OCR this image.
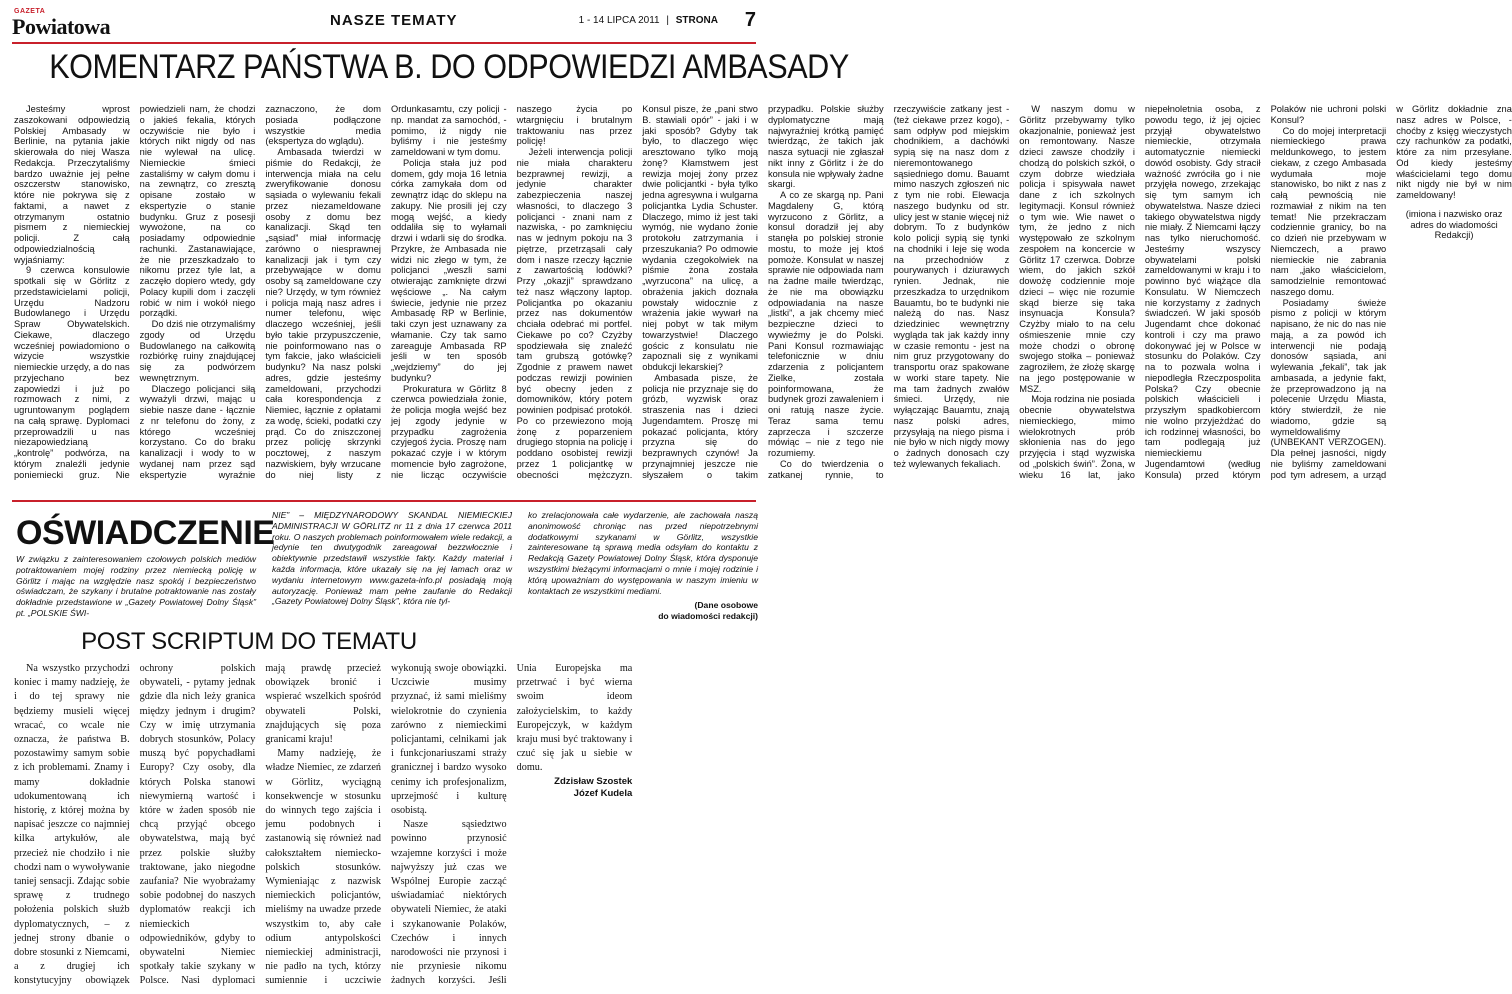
GAZETA
Powiatowa	NASZE TEMATY	1 - 14 LIPCA 2011 | STRONA 7
KOMENTARZ PAŃSTWA B. DO ODPOWIEDZI AMBASADY

Jesteśmy wprost zaszokowani odpowiedzią Polskiej Ambasady w Berlinie, na pytania jakie skierowała do niej Wasza Redakcja. Przeczytaliśmy bardzo uważnie jej pełne oszczerstw stanowisko, które nie pokrywa się z faktami, a nawet z otrzymanym ostatnio pismem z niemieckiej policji. Z całą odpowiedzialnością wyjaśniamy:

9 czerwca konsulowie spotkali się w Görlitz z przedstawicielami policji, Urzędu Nadzoru Budowlanego i Urzędu Spraw Obywatelskich. Ciekawe, dlaczego wcześniej powiadomiono o wizycie wszystkie niemieckie urzędy, a do nas przyjechano bez zapowiedzi i już po rozmowach z nimi, z ugruntowanym poglądem na całą sprawę. Dyplomaci przeprowadzili u nas niezapowiedzianą „kontrolę” podwórza, na którym znaleźli jedynie poniemiecki gruz. Nie powiedzieli nam, że chodzi o jakieś fekalia, których oczywiście nie było i których nikt nigdy od nas nie wylewał na ulicę. Niemieckie śmieci zastaliśmy w całym domu i na zewnątrz, co zresztą opisane zostało w ekspertyzie o stanie budynku. Gruz z posesji wywożone, na co posiadamy odpowiednie rachunki. Zastanawiające, że nie przeszkadzało to nikomu przez tyle lat, a zaczęło dopiero wtedy, gdy Polacy kupili dom i zaczęli robić w nim i wokół niego porządki.

Do dziś nie otrzymaliśmy zgody od Urzędu Budowlanego na całkowitą rozbiórkę ruiny znajdującej się za podwórzem wewnętrznym.

Dlaczego policjanci siłą wyważyli drzwi, mając u siebie nasze dane - łącznie z nr telefonu do żony, z którego wcześniej korzystano. Co do braku kanalizacji i wody to w wydanej nam przez sąd ekspertyzie wyraźnie zaznaczono, że dom posiada podłączone wszystkie media (ekspertyza do wglądu).

Ambasada twierdzi w piśmie do Redakcji, że interwencja miała na celu zweryfikowanie donosu sąsiada o wylewaniu fekali przez niezameldowane osoby z domu bez kanalizacji. Skąd ten „sąsiad” miał informację zarówno o niesprawnej kanalizacji jak i tym czy przebywające w domu osoby są zameldowane czy nie? Urzędy, w tym również i policja mają nasz adres i numer telefonu, więc dlaczego wcześniej, jeśli było takie przypuszczenie, nie poinformowano nas o tym fakcie, jako właścicieli budynku? Na nasz polski adres, gdzie jesteśmy zameldowani, przychodzi cała korespondencja z Niemiec, łącznie z opłatami za wodę, ścieki, podatki czy prąd. Co do zniszczonej przez policję skrzynki pocztowej, z naszym nazwiskiem, były wrzucane do niej listy z Ordunkasamtu, czy policji - np. mandat za samochód, - pomimo, iż nigdy nie byliśmy i nie jesteśmy zameldowani w tym domu.

Policja stała już pod domem, gdy moja 16 letnia córka zamykała dom od zewnątrz idąc do sklepu na zakupy. Nie prosili jej czy mogą wejść, a kiedy oddaliła się to wyłamali drzwi i wdarli się do środka. Przykre, że Ambasada nie widzi nic złego w tym, że policjanci „weszli sami otwierając zamknięte drzwi węściowe „. Na całym świecie, jedynie nie przez Ambasadę RP w Berlinie, taki czyn jest uznawany za włamanie. Czy tak samo zareaguje Ambasada RP jeśli w ten sposób „wejdziemy” do jej budynku?

Prokuratura w Görlitz 8 czerwca powiedziała żonie, że policja mogła wejść bez jej zgody jedynie w przypadku zagrożenia czyjegoś życia. Proszę nam pokazać czyje i w którym momencie było zagrożone, nie licząc oczywiście naszego życia po wtargnięciu i brutalnym traktowaniu nas przez policję!

Jeżeli interwencja policji nie miała charakteru bezprawnej rewizji, a jedynie charakter zabezpieczenia naszej własności, to dlaczego 3 policjanci - znani nam z nazwiska, - po zamknięciu nas w jednym pokoju na 3 piętrze, przetrząsali cały dom i nasze rzeczy łącznie z zawartością lodówki? Przy „okazji” sprawdzano też nasz włączony laptop. Policjantka po okazaniu przez nas dokumentów chciała odebrać mi portfel. Ciekawe po co? Czyżby spodziewała się znaleźć tam grubszą gotówkę? Zgodnie z prawem nawet podczas rewizji powinien być obecny jeden z domowników, który potem powinien podpisać protokół. Po co przewiezono moją żonę z poparzeniem drugiego stopnia na policję i poddano osobistej rewizji przez 1 policjantkę w obecności mężczyzn. Konsul pisze, że „pani stwo B. stawiali opór” - jaki i w jaki sposób? Gdyby tak było, to dlaczego więc aresztowano tylko moją żonę? Kłamstwem jest rewizja mojej żony przez dwie policjantki - była tylko jedna agresywna i wulgarna policjantka Lydia Schuster. Dlaczego, mimo iż jest taki wymóg, nie wydano żonie protokołu zatrzymania i przeszukania? Po odmowie wydania czegokolwiek na piśmie żona została „wyrzucona” na ulicę, a obrażenia jakich doznała powstały widocznie z wrażenia jakie wywarł na niej pobyt w tak miłym towarzystwie! Dlaczego gościc z konsulatu nie zapoznali się z wynikami obdukcji lekarskiej?

Ambasada pisze, że policja nie przyznaje się do grózb, wyzwisk oraz straszenia nas i dzieci Jugendamtem. Proszę mi pokazać policjanta, który przyzna się do bezprawnych czynów! Ja przynajmniej jeszcze nie słyszałem o takim przypadku. Polskie służby dyplomatyczne mają najwyraźniej krótką pamięć twierdząc, że takich jak nasza sytuacji nie zgłaszał nikt inny z Görlitz i że do konsula nie wpływały żadne skargi.

A co ze skargą np. Pani Magdaleny G, którą wyrzucono z Görlitz, a konsul doradził jej aby stanęła po polskiej stronie mostu, to może jej ktoś pomoże. Konsulat w naszej sprawie nie odpowiada nam na żadne maile twierdząc, że nie ma obowiązku odpowiadania na nasze „listki”, a jak chcemy mieć bezpieczne dzieci to wywieźmy je do Polski. Pani Konsul rozmawiając telefonicznie w dniu zdarzenia z policjantem Zielke, została poinformowana, że budynek grozi zawaleniem i oni ratują nasze życie. Teraz sama temu zaprzecza i szczerze mówiąc – nie z tego nie rozumiemy.

Co do twierdzenia o zatkanej rynnie, to rzeczywiście zatkany jest - (też ciekawe przez kogo), - sam odpływ pod miejskim chodnikiem, a dachówki sypią się na nasz dom z nieremontowanego sąsiedniego domu. Bauamt mimo naszych zgłoszeń nic z tym nie robi. Elewacja naszego budynku od str. ulicy jest w stanie więcej niż dobrym. To z budynków kolo policji sypią się tynki na chodniki i leje się woda na przechodniów z pourywanych i dziurawych rynien. Jednak, nie przeszkadza to urzędnikom Bauamtu, bo te budynki nie należą do nas. Nasz dziedziniec wewnętrzny wygląda tak jak każdy inny w czasie remontu - jest na nim gruz przygotowany do transportu oraz spakowane w worki stare tapety. Nie ma tam żadnych zwałów śmieci. Urzędy, nie wyłączając Bauamtu, znają nasz polski adres, przysyłają na niego pisma i nie było w nich nigdy mowy o żadnych donosach czy też wylewanych fekaliach.

W naszym domu w Görlitz przebywamy tylko okazjonalnie, ponieważ jest on remontowany. Nasze dzieci zawsze chodziły i chodzą do polskich szkół, o czym dobrze wiedziała policja i spisywała nawet dane z ich szkolnych legitymacji. Konsul również o tym wie. Wie nawet o tym, że jedno z nich występowało ze szkolnym zespołem na koncercie w Görlitz 17 czerwca. Dobrze wiem, do jakich szkół dowożę codziennie moje dzieci – więc nie rozumie skąd bierze się taka insynuacja Konsula? Czyżby miało to na celu ośmieszenie mnie czy może chodzi o obronę swojego stołka – ponieważ zagroziłem, że złożę skargę na jego postępowanie w MSZ.

Moja rodzina nie posiada obecnie obywatelstwa niemieckiego, mimo wielokrotnych prób skłonienia nas do jego przyjęcia i stąd wyzwiska od „polskich świń”. Żona, w wieku 16 lat, jako niepełnoletnia osoba, z powodu tego, iż jej ojciec przyjął obywatelstwo niemieckie, otrzymała automatycznie niemiecki dowód osobisty. Gdy stracił ważność zwróciła go i nie przyjęła nowego, zrzekając się tym samym ich obywatelstwa. Nasze dzieci takiego obywatelstwa nigdy nie miały. Z Niemcami łączy nas tylko nieruchomość. Jesteśmy wszyscy obywatelami polski zameldowanymi w kraju i to powinno być wiążące dla Konsulatu. W Niemczech nie korzystamy z żadnych świadczeń. W jaki sposób Jugendamt chce dokonać kontroli i czy ma prawo dokonywać jej w Polsce w stosunku do Polaków. Czy na to pozwala wolna i niepodległa Rzeczpospolita Polska? Czy obecnie polskich właścicieli i przyszłym spadkobiercom nie wolno przyjeżdżać do ich rodzinnej własności, bo tam podlegają już niemieckiemu Jugendamtowi (według Konsula) przed którym Polaków nie uchroni polski Konsul?

Co do mojej interpretacji niemieckiego prawa meldunkowego, to jestem ciekaw, z czego Ambasada wydumała moje stanowisko, bo nikt z nas z całą pewnością nie rozmawiał z nikim na ten temat! Nie przekraczam codziennie granicy, bo na co dzień nie przebywam w Niemczech, a prawo niemieckie nie zabrania nam „jako właścicielom, samodzielnie remontować naszego domu.

Posiadamy świeże pismo z policji w którym napisano, że nic do nas nie mają, a za powód ich interwencji nie podają donosów sąsiada, ani wylewania „fekali”, tak jak ambasada, a jedynie fakt, że przeprowadzono ją na polecenie Urzędu Miasta, który stwierdził, że nie wiadomo, gdzie są wymeldowaliśmy (UNBEKANT VERZOGEN). Dla pełnej jasności, nigdy nie byliśmy zameldowani pod tym adresem, a urząd w Görlitz dokładnie zna nasz adres w Polsce, - choćby z księg wieczystych czy rachunków za podatki, które za nim przesyłane. Od kiedy jesteśmy właścicielami tego domu nikt nigdy nie był w nim zameldowany!

(imiona i nazwisko oraz adres do wiadomości Redakcji)

OŚWIADCZENIE
W związku z zainteresowaniem czołowych polskich mediów potraktowaniem mojej rodziny przez niemiecką policję w Görlitz i mając na względzie nasz spokój i bezpieczeństwo oświadczam, że szykany i brutalne potraktowanie nas zostały dokładnie przedstawione w „Gazety Powiatowej Dolny Śląsk” pt. „POLSKIE ŚWI-
NIE” – MIĘDZYNARODOWY SKANDAL NIEMIECKIEJ ADMINISTRACJI W GÖRLITZ nr 11 z dnia 17 czerwca 2011 roku. O naszych problemach poinformowałem wiele redakcji, a jedynie ten dwutygodnik zareagował bezzwłocznie i obiektywnie przedstawił wszystkie fakty. Każdy materiał i każda informacja, które ukazały się na jej łamach oraz w wydaniu internetowym www.gazeta-info.pl posiadają moją autoryzację. Ponieważ mam pełne zaufanie do Redakcji „Gazety Powiatowej Dolny Śląsk”, która nie tyl-
ko zrelacjonowała całe wydarzenie, ale zachowała naszą anonimowość chroniąc nas przed niepotrzebnymi dodatkowymi szykanami w Görlitz, wszystkie zainteresowane tą sprawą media odsyłam do kontaktu z Redakcją Gazety Powiatowej Dolny Śląsk, która dysponuje wszystkimi bieżącymi informacjami o mnie i mojej rodzinie i którą upoważniam do występowania w naszym imieniu w kontaktach ze wszystkimi mediami.
(Dane osobowe
do wiadomości redakcji)
POST SCRIPTUM DO TEMATU

Na wszystko przychodzi koniec i mamy nadzieję, że i do tej sprawy nie będziemy musieli więcej wracać, co wcale nie oznacza, że państwa B. pozostawimy samym sobie z ich problemami. Znamy i mamy dokładnie udokumentowaną ich historię, z której można by napisać jeszcze co najmniej kilka artykułów, ale przecież nie chodziło i nie chodzi nam o wywoływanie taniej sensacji. Zdając sobie sprawę z trudnego położenia polskich służb dyplomatycznych, – z jednej strony dbanie o dobre stosunki z Niemcami, a z drugiej ich konstytucyjny obowiązek ochrony polskich obywateli, - pytamy jednak gdzie dla nich leży granica między jednym i drugim? Czy w imię utrzymania dobrych stosunków, Polacy muszą być popychadłami Europy? Czy osoby, dla których Polska stanowi niewymierną wartość i które w żaden sposób nie chcą przyjąć obcego obywatelstwa, mają być przez polskie służby traktowane, jako niegodne zaufania? Nie wyobrażamy sobie podobnej do naszych dyplomatów reakcji ich niemieckich odpowiedników, gdyby to obywatelni Niemiec spotkały takie szykany w Polsce. Nasi dyplomaci mają prawdę przecież obowiązek bronić i wspierać wszelkich spośród obywateli Polski, znajdujących się poza granicami kraju!

Mamy nadzieję, że władze Niemiec, ze zdarzeń w Görlitz, wyciągną konsekwencje w stosunku do winnych tego zajścia i jemu podobnych i zastanowią się również nad całokształtem niemiecko-polskich stosunków. Wymieniając z nazwisk niemieckich policjantów, mieliśmy na uwadze przede wszystkim to, aby całe odium antypolskości niemieckiej administracji, nie padło na tych, którzy sumiennie i uczciwie wykonują swoje obowiązki. Uczciwie musimy przyznać, iż sami mieliśmy wielokrotnie do czynienia zarówno z niemieckimi policjantami, celnikami jak i funkcjonariuszami straży granicznej i bardzo wysoko cenimy ich profesjonalizm, uprzejmość i kulturę osobistą.

Nasze sąsiedztwo powinno przynosić wzajemne korzyści i może najwyższy już czas we Wspólnej Europie zacząć uświadamiać niektórych obywateli Niemiec, że ataki i szykanowanie Polaków, Czechów i innych narodowości nie przynosi i nie przyniesie nikomu żadnych korzyści. Jeśli Unia Europejska ma przetrwać i być wierna swoim ideom założycielskim, to każdy Europejczyk, w każdym kraju musi być traktowany i czuć się jak u siebie w domu.

Zdzisław Szostek

Józef Kudela
